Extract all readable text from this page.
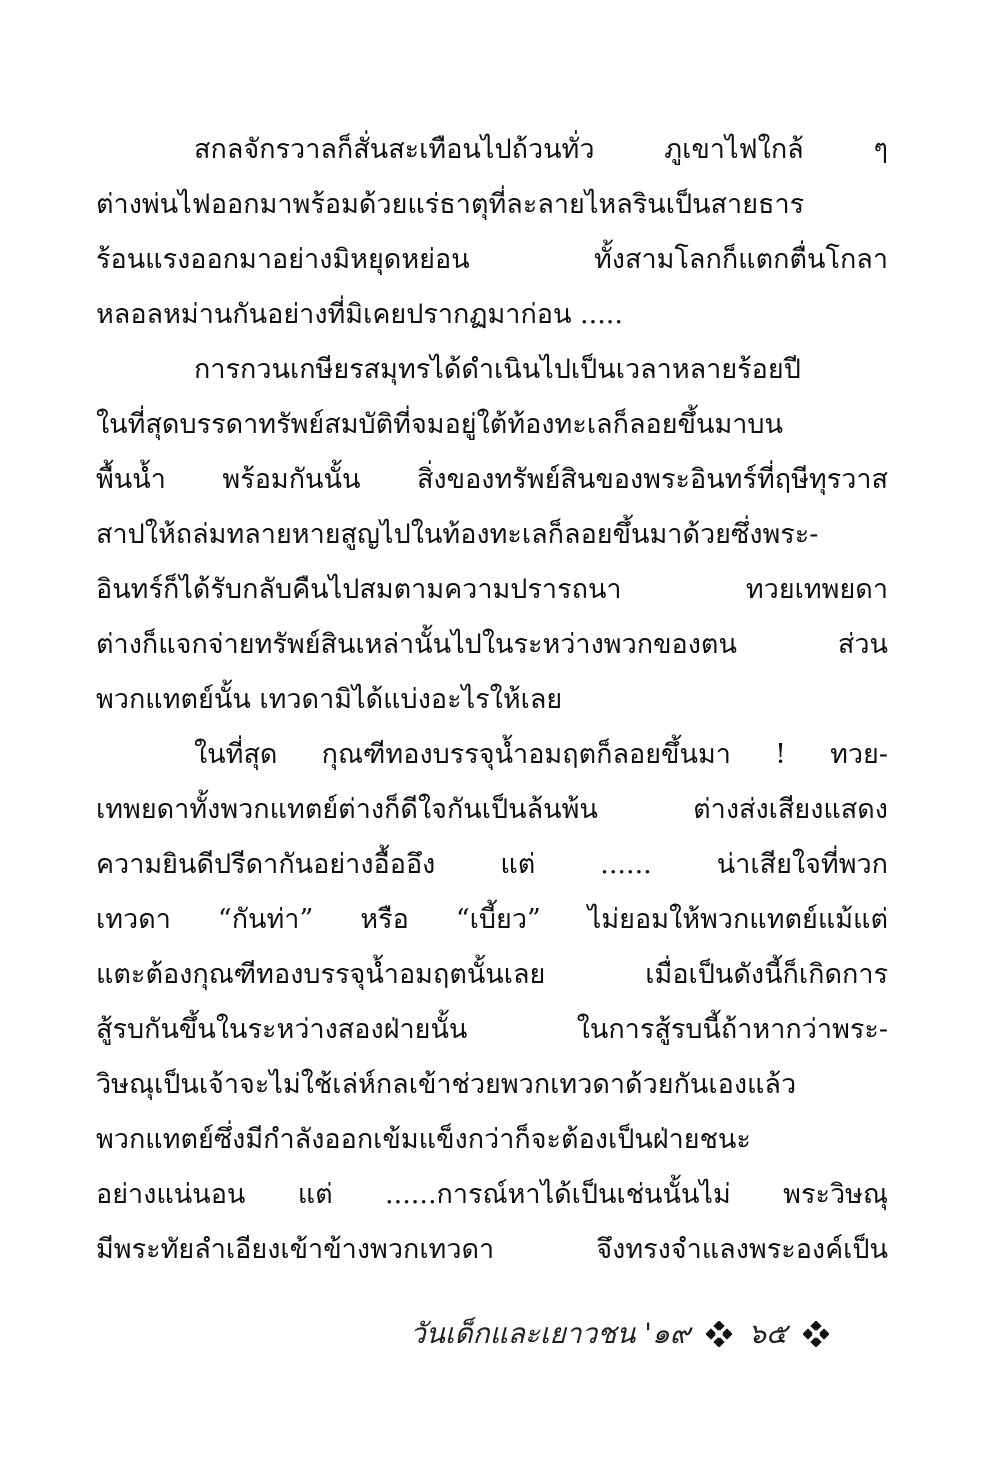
สกลจักรวาลก็สั่นสะเทือนไปถ้วนทั่ว ภูเขาไฟใกล้ ๆ
ต่างพ่นไฟออกมาพร้อมด้วยแร่ธาตุที่ละลายไหลรินเป็นสายธาร
ร้อนแรงออกมาอย่างมิหยุดหย่อน ทั้งสามโลกก็แตกตื่นโกลา
หลอลหม่านกันอย่างที่มิเคยปรากฏมาก่อน .....
การกวนเกษียรสมุทรได้ดำเนินไปเป็นเวลาหลายร้อยปี
ในที่สุดบรรดาทรัพย์สมบัติที่จมอยู่ใต้ท้องทะเลก็ลอยขึ้นมาบน
พื้นน้ำ พร้อมกันนั้น สิ่งของทรัพย์สินของพระอินทร์ที่ฤษีทุรวาส
สาปให้ถล่มทลายหายสูญไปในท้องทะเลก็ลอยขึ้นมาด้วยซึ่งพระ-
อินทร์ก็ได้รับกลับคืนไปสมตามความปรารถนา ทวยเทพยดา
ต่างก็แจกจ่ายทรัพย์สินเหล่านั้นไปในระหว่างพวกของตน ส่วน
พวกแทตย์นั้น เทวดามิได้แบ่งอะไรให้เลย
ในที่สุด กุณฑีทองบรรจุน้ำอมฤตก็ลอยขึ้นมา ! ทวย-
เทพยดาทั้งพวกแทตย์ต่างก็ดีใจกันเป็นล้นพ้น ต่างส่งเสียงแสดง
ความยินดีปรีดากันอย่างอื้ออึง แต่ ...... น่าเสียใจที่พวก
เทวดา “กันท่า” หรือ “เบี้ยว” ไม่ยอมให้พวกแทตย์แม้แต่
แตะต้องกุณฑีทองบรรจุน้ำอมฤตนั้นเลย เมื่อเป็นดังนี้ก็เกิดการ
สู้รบกันขึ้นในระหว่างสองฝ่ายนั้น ในการสู้รบนี้ถ้าหากว่าพระ-
วิษณุเป็นเจ้าจะไม่ใช้เล่ห์กลเข้าช่วยพวกเทวดาด้วยกันเองแล้ว
พวกแทตย์ซึ่งมีกำลังออกเข้มแข็งกว่าก็จะต้องเป็นฝ่ายชนะ
อย่างแน่นอน แต่ ......การณ์หาได้เป็นเช่นนั้นไม่ พระวิษณุ
มีพระทัยลำเอียงเข้าข้างพวกเทวดา จึงทรงจำแลงพระองค์เป็น
วันเด็กและเยาวชน '๑๙ ๖๕
